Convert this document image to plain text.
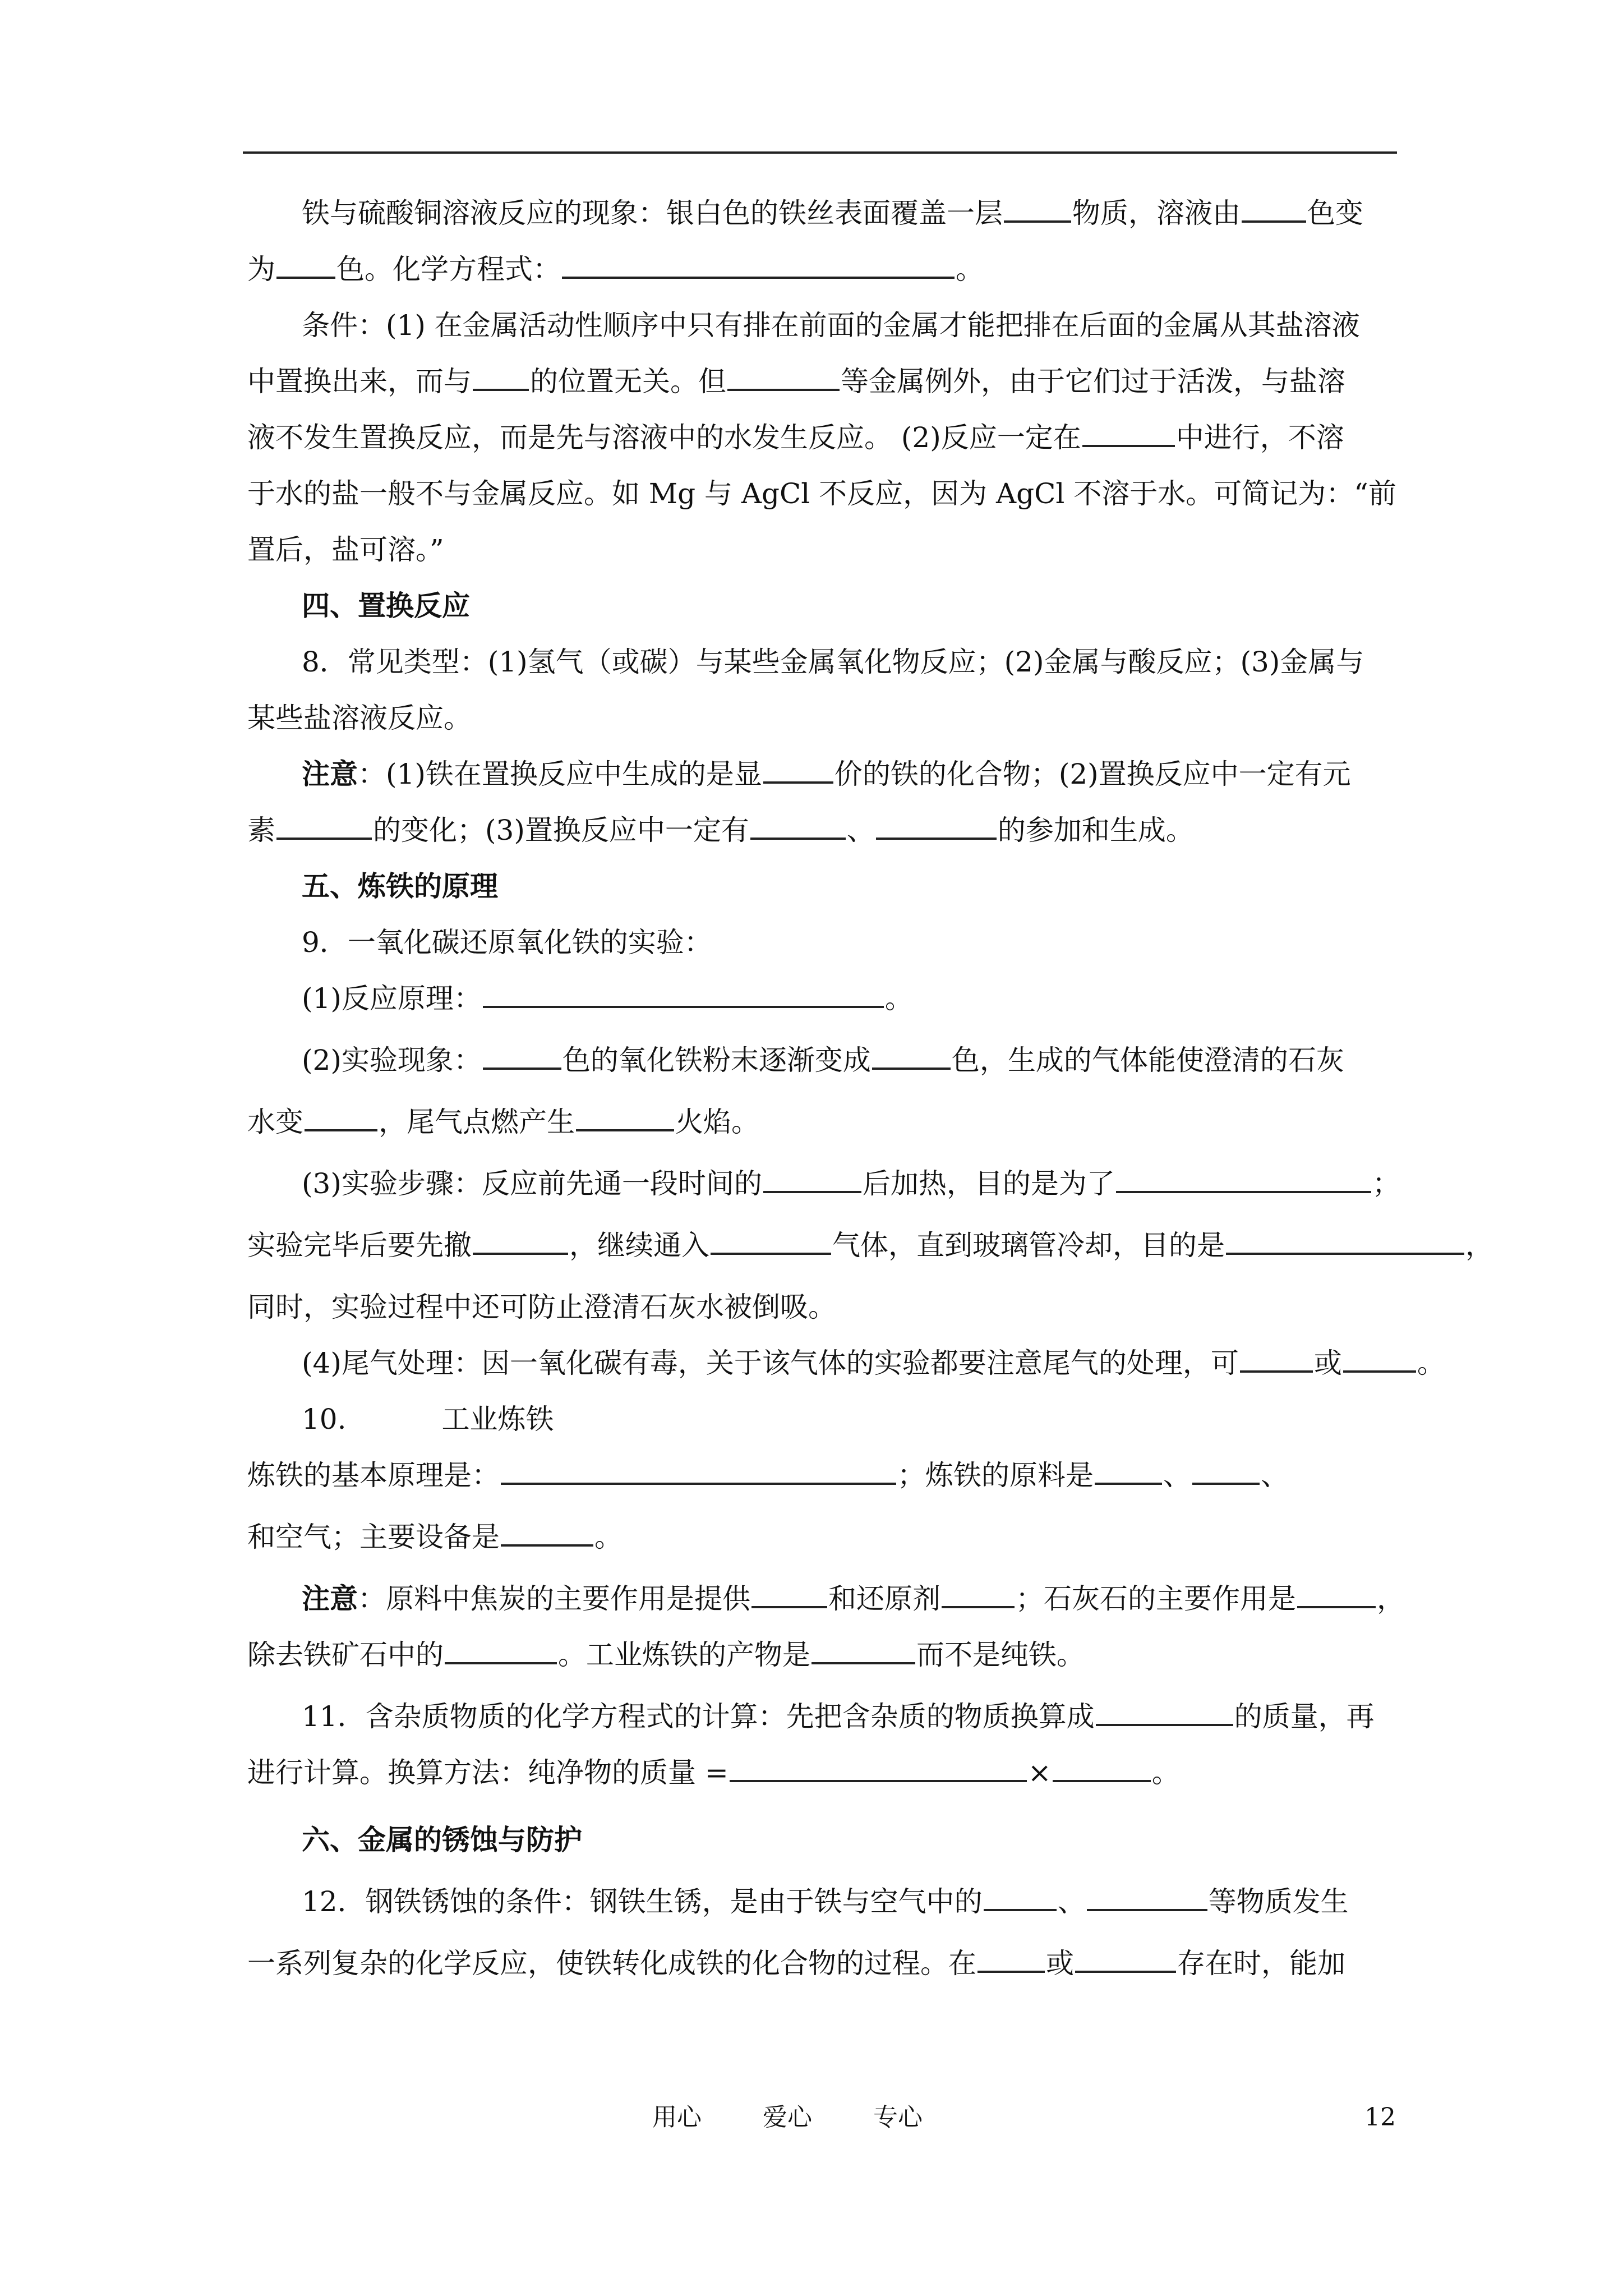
铁与硫酸铜溶液反应的现象：银白色的铁丝表面覆盖一层 物质，溶液由 色变
为 色。化学方程式：	。
条件：(1) 在金属活动性顺序中只有排在前面的金属才能把排在后面的金属从其盐溶液
中置换出来，而与 的位置无关。但	等金属例外，由于它们过于活泼，与盐溶
液不发生置换反应，而是先与溶液中的水发生反应。 (2)反应一定在	中进行，不溶
于水的盐一般不与金属反应。如 Mg 与 AgCl 不反应，因为 AgCl 不溶于水。可简记为：“前
置后，盐可溶。”
四、置换反应
8．常见类型：(1)氢气（或碳）与某些金属氧化物反应；(2)金属与酸反应；(3)金属与
某些盐溶液反应。
注意：(1)铁在置换反应中生成的是显	价的铁的化合物；(2)置换反应中一定有元
素	的变化；(3)置换反应中一定有	、	的参加和生成。
五、炼铁的原理
9．一氧化碳还原氧化铁的实验：
(1)反应原理：	。
(2)实验现象：	色的氧化铁粉末逐渐变成	色，生成的气体能使澄清的石灰
水变	，尾气点燃产生	火焰。
(3)实验步骤：反应前先通一段时间的	后加热，目的是为了	；
实验完毕后要先撤	，继续通入	气体，直到玻璃管冷却，目的是	，
同时，实验过程中还可防止澄清石灰水被倒吸。
(4)尾气处理：因一氧化碳有毒，关于该气体的实验都要注意尾气的处理，可	或	。
10.	工业炼铁
炼铁的基本原理是：	；炼铁的原料是 、 、
和空气；主要设备是	。
注意：原料中焦炭的主要作用是提供	和还原剂	；石灰石的主要作用是	，
除去铁矿石中的	。工业炼铁的产物是	而不是纯铁。
11．含杂质物质的化学方程式的计算：先把含杂质的物质换算成	的质量，再
进行计算。换算方法：纯净物的质量 =	×	。
六、金属的锈蚀与防护
12．钢铁锈蚀的条件：钢铁生锈，是由于铁与空气中的	、	等物质发生
一系列复杂的化学反应，使铁转化成铁的化合物的过程。在 或	存在时，能加
用心 爱心 专心	12
